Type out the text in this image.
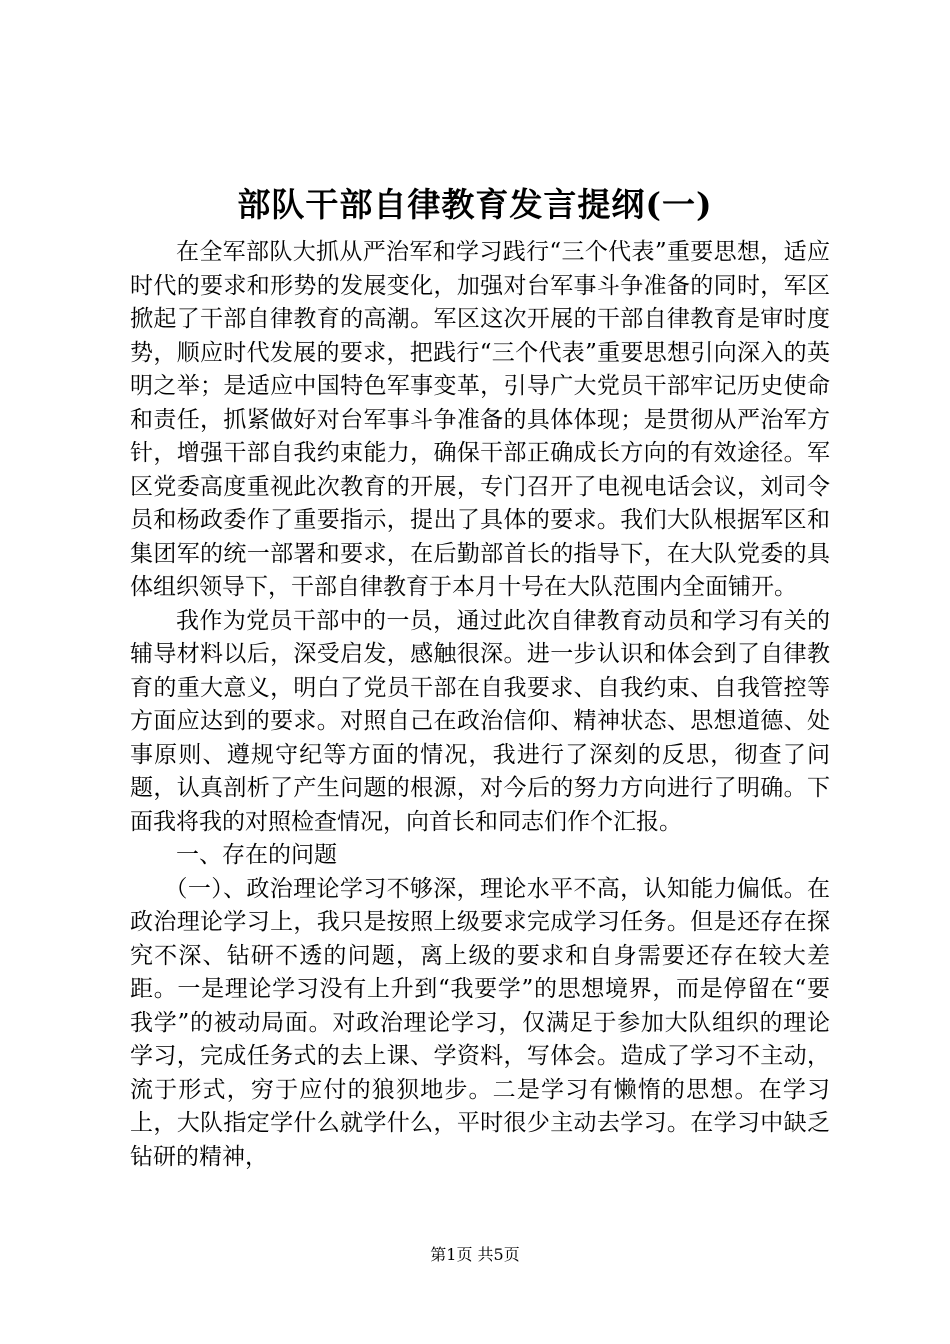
部队干部自律教育发言提纲(一)

在全军部队大抓从严治军和学习践行“三个代表”重要思想，适应时代的要求和形势的发展变化，加强对台军事斗争准备的同时，军区掀起了干部自律教育的高潮。军区这次开展的干部自律教育是审时度势，顺应时代发展的要求，把践行“三个代表”重要思想引向深入的英明之举；是适应中国特色军事变革，引导广大党员干部牢记历史使命和责任，抓紧做好对台军事斗争准备的具体体现；是贯彻从严治军方针，增强干部自我约束能力，确保干部正确成长方向的有效途径。军区党委高度重视此次教育的开展，专门召开了电视电话会议，刘司令员和杨政委作了重要指示，提出了具体的要求。我们大队根据军区和集团军的统一部署和要求，在后勤部首长的指导下，在大队党委的具体组织领导下，干部自律教育于本月十号在大队范围内全面铺开。

我作为党员干部中的一员，通过此次自律教育动员和学习有关的辅导材料以后，深受启发，感触很深。进一步认识和体会到了自律教育的重大意义，明白了党员干部在自我要求、自我约束、自我管控等方面应达到的要求。对照自己在政治信仰、精神状态、思想道德、处事原则、遵规守纪等方面的情况，我进行了深刻的反思，彻查了问题，认真剖析了产生问题的根源，对今后的努力方向进行了明确。下面我将我的对照检查情况，向首长和同志们作个汇报。

一、存在的问题

（一）、政治理论学习不够深，理论水平不高，认知能力偏低。在政治理论学习上，我只是按照上级要求完成学习任务。但是还存在探究不深、钻研不透的问题，离上级的要求和自身需要还存在较大差距。一是理论学习没有上升到“我要学”的思想境界，而是停留在“要我学”的被动局面。对政治理论学习，仅满足于参加大队组织的理论学习，完成任务式的去上课、学资料，写体会。造成了学习不主动，流于形式，穷于应付的狼狈地步。二是学习有懒惰的思想。在学习上，大队指定学什么就学什么，平时很少主动去学习。在学习中缺乏钻研的精神，

第1页 共5页
